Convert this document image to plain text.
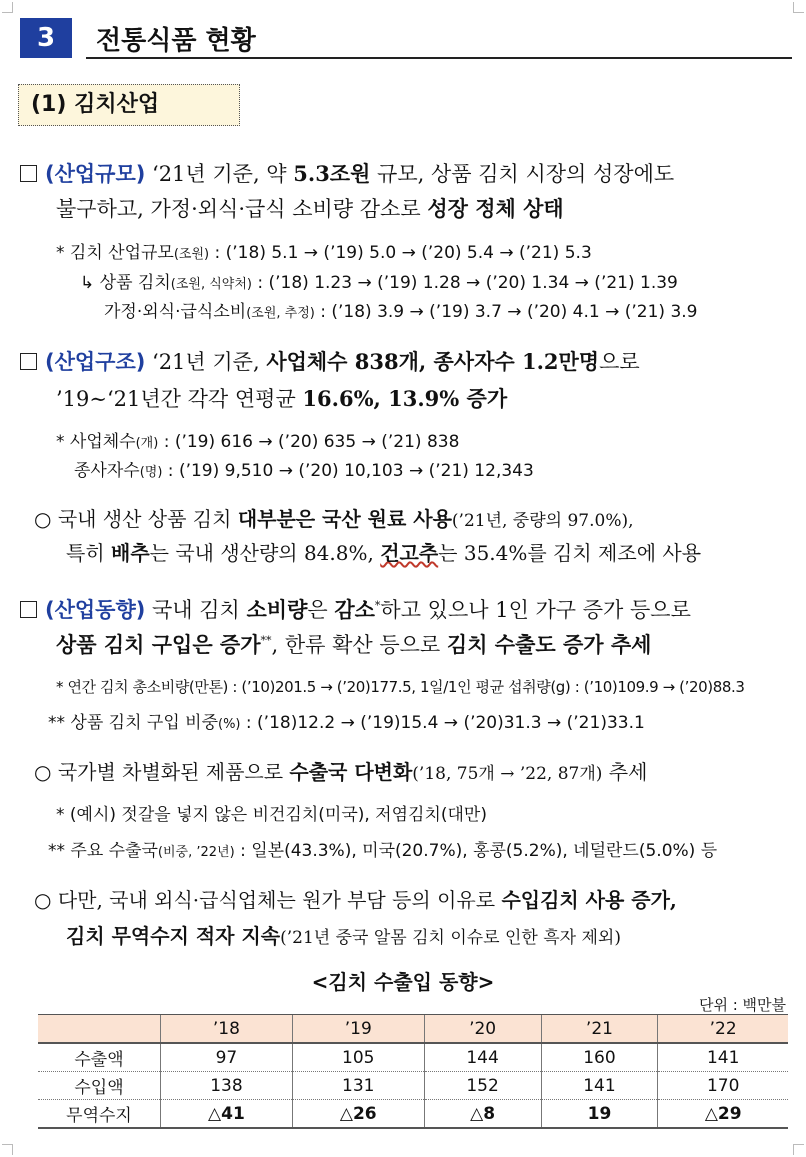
3	전통식품 현황
(1) 김치산업
(산업규모) ‘21년 기준, 약 5.3조원 규모, 상품 김치 시장의 성장에도
불구하고, 가정·외식·급식 소비량 감소로 성장 정체 상태
* 김치 산업규모(조원) : (’18) 5.1 → (’19) 5.0 → (’20) 5.4 → (’21) 5.3
↳ 상품 김치(조원, 식약처) : (’18) 1.23 → (’19) 1.28 → (’20) 1.34 → (’21) 1.39
가정·외식·급식소비(조원, 추정) : (’18) 3.9 → (’19) 3.7 → (’20) 4.1 → (’21) 3.9
(산업구조) ‘21년 기준, 사업체수 838개, 종사자수 1.2만명으로
’19∼‘21년간 각각 연평균 16.6%, 13.9% 증가
* 사업체수(개) : (’19) 616 → (’20) 635 → (’21) 838
종사자수(명) : (’19) 9,510 → (’20) 10,103 → (’21) 12,343
○ 국내 생산 상품 김치 대부분은 국산 원료 사용(’21년, 중량의 97.0%),
특히 배추는 국내 생산량의 84.8%, 건고추는 35.4%를 김치 제조에 사용
(산업동향) 국내 김치 소비량은 감소*하고 있으나 1인 가구 증가 등으로
상품 김치 구입은 증가**, 한류 확산 등으로 김치 수출도 증가 추세
* 연간 김치 총소비량(만톤) : (’10)201.5 → (’20)177.5, 1일/1인 평균 섭취량(g) : (’10)109.9 → (’20)88.3
** 상품 김치 구입 비중(%) : (’18)12.2 → (’19)15.4 → (’20)31.3 → (’21)33.1
○ 국가별 차별화된 제품으로 수출국 다변화(’18, 75개 → ’22, 87개) 추세
* (예시) 젓갈을 넣지 않은 비건김치(미국), 저염김치(대만)
** 주요 수출국(비중, ’22년) : 일본(43.3%), 미국(20.7%), 홍콩(5.2%), 네덜란드(5.0%) 등
○ 다만, 국내 외식·급식업체는 원가 부담 등의 이유로 수입김치 사용 증가,
김치 무역수지 적자 지속(’21년 중국 알몸 김치 이슈로 인한 흑자 제외)
<김치 수출입 동향>
단위 : 백만불
	’18	’19	’20	’21	’22
수출액	97	105	144	160	141
수입액	138	131	152	141	170
무역수지	△41	△26	△8	19	△29
